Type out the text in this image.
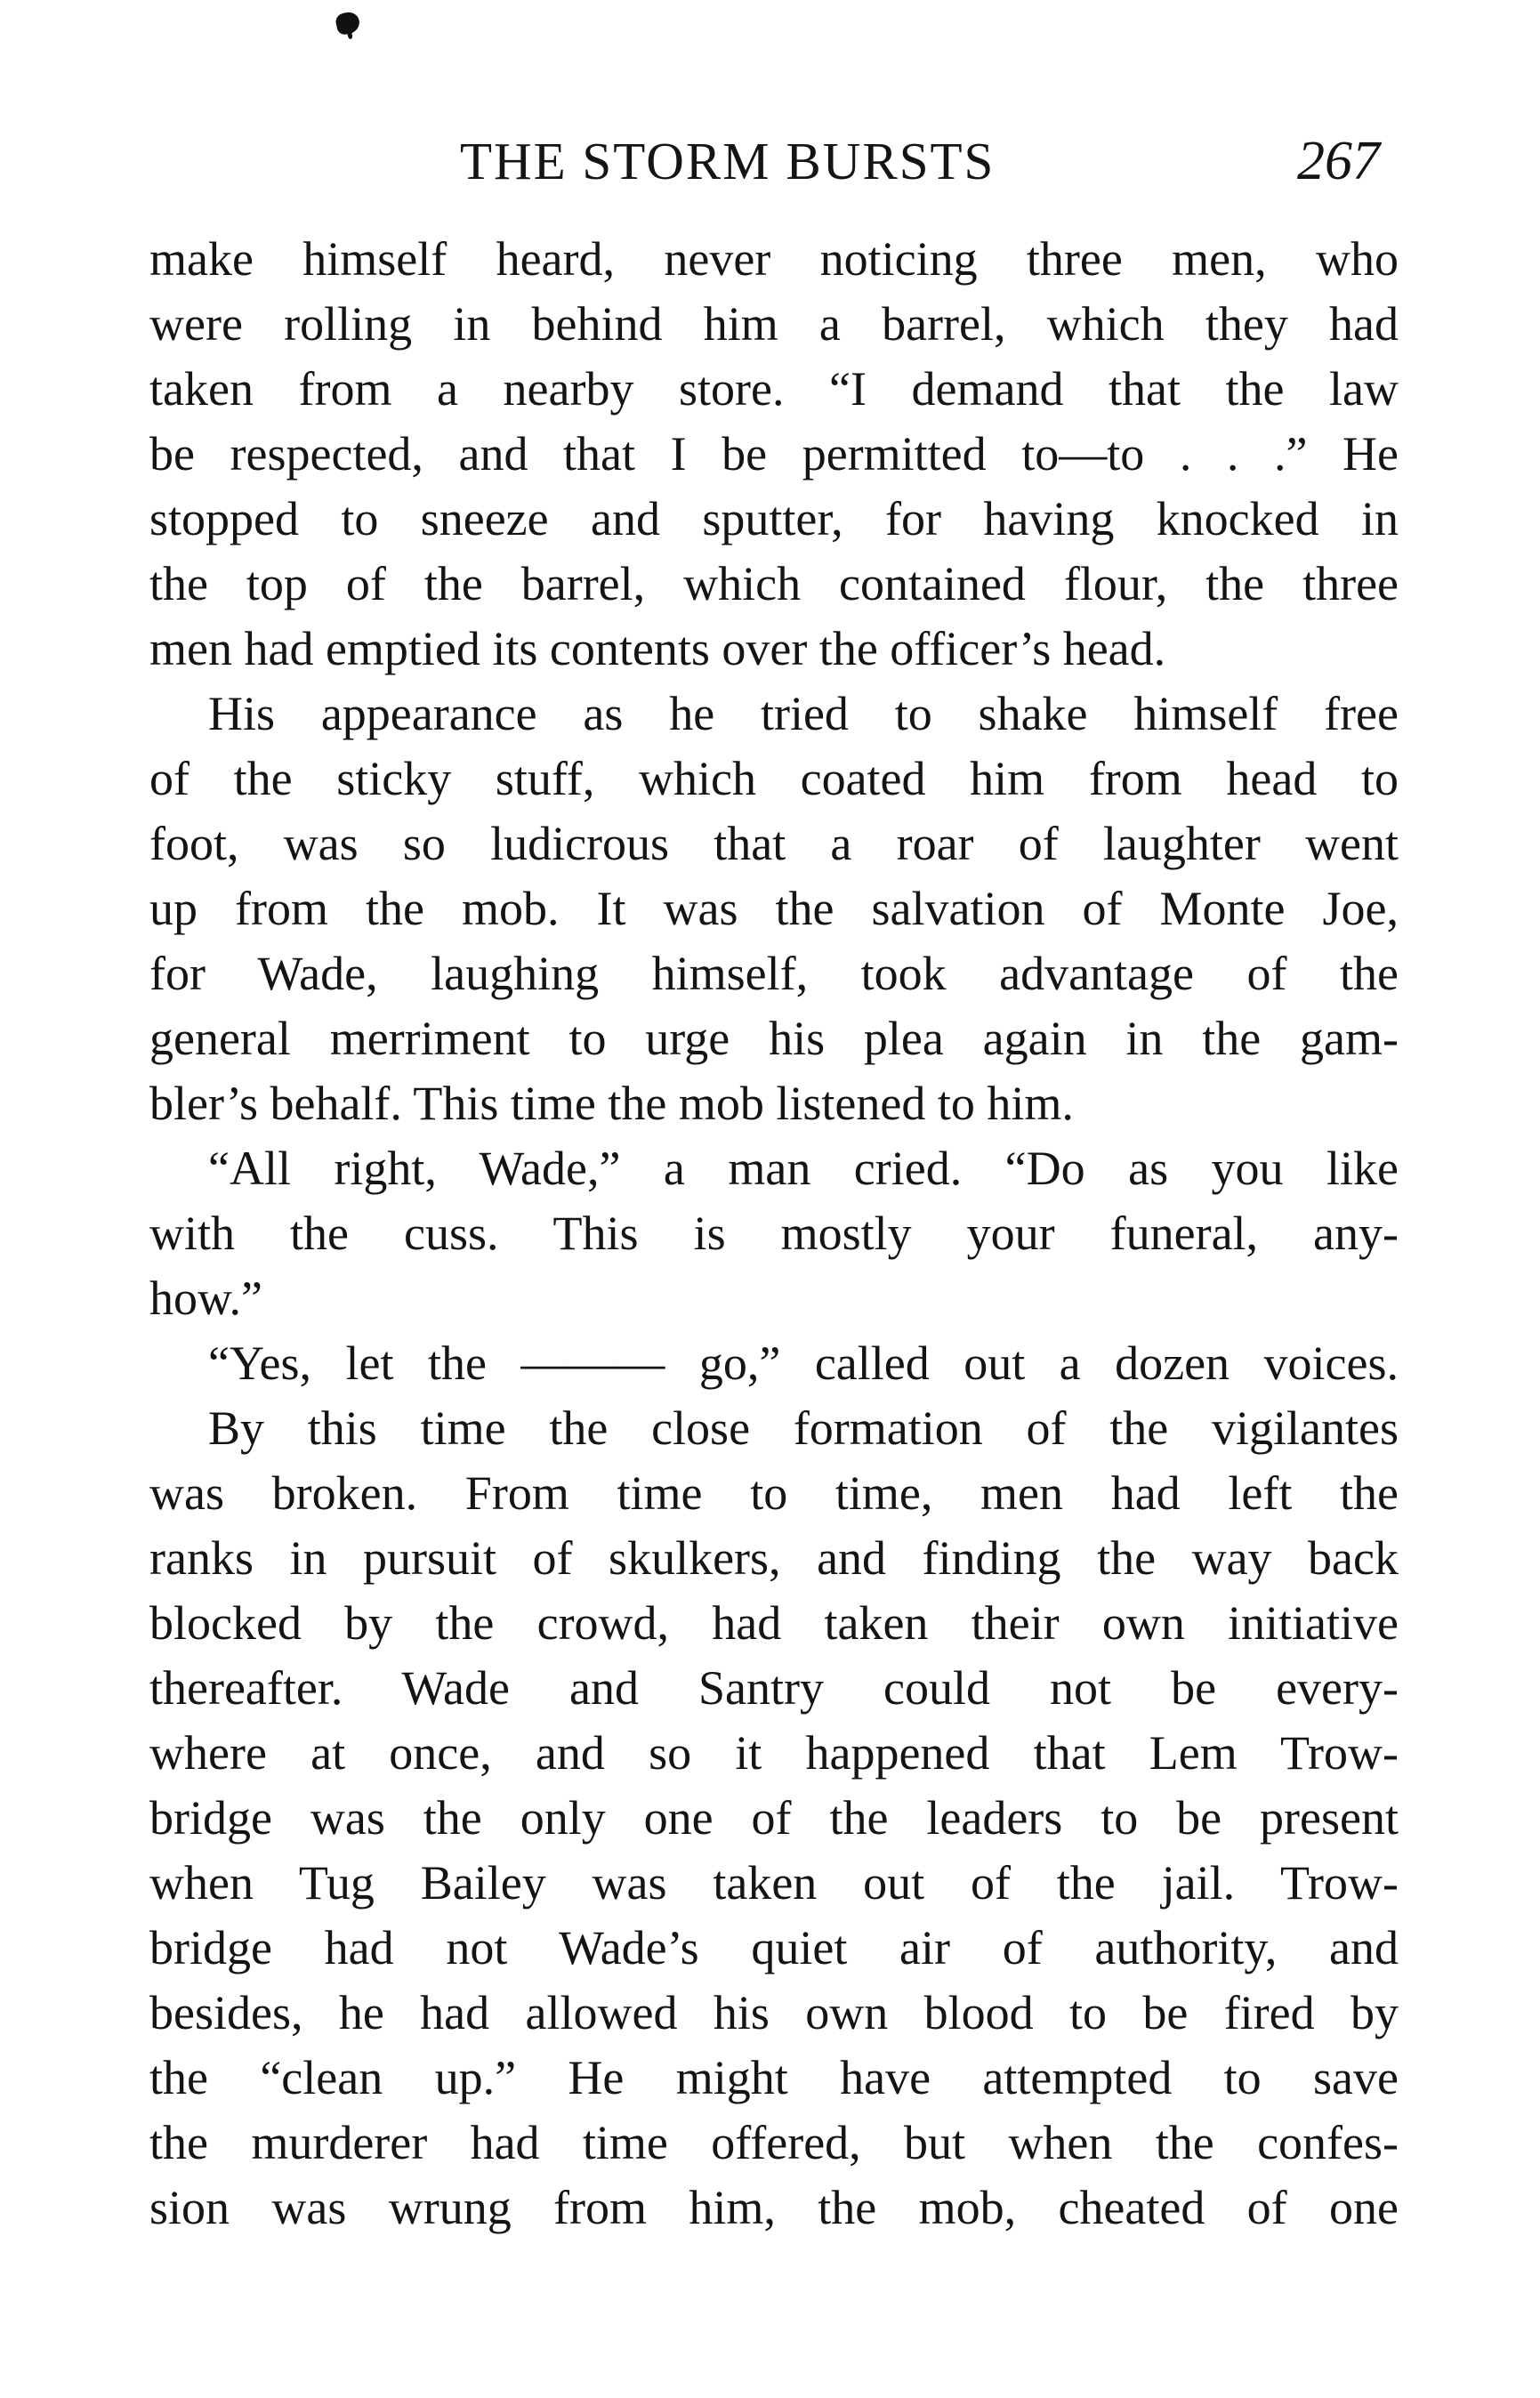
THE STORM BURSTS	267
make himself heard, never noticing three men, who
were rolling in behind him a barrel, which they had
taken from a nearby store. “I demand that the law
be respected, and that I be permitted to—to . . .” He
stopped to sneeze and sputter, for having knocked in
the top of the barrel, which contained flour, the three
men had emptied its contents over the officer’s head.
His appearance as he tried to shake himself free
of the sticky stuff, which coated him from head to
foot, was so ludicrous that a roar of laughter went
up from the mob. It was the salvation of Monte Joe,
for Wade, laughing himself, took advantage of the
general merriment to urge his plea again in the gam-
bler’s behalf. This time the mob listened to him.
“All right, Wade,” a man cried. “Do as you like
with the cuss. This is mostly your funeral, any-
how.”
“Yes, let the ——— go,” called out a dozen voices.
By this time the close formation of the vigilantes
was broken. From time to time, men had left the
ranks in pursuit of skulkers, and finding the way back
blocked by the crowd, had taken their own initiative
thereafter. Wade and Santry could not be every-
where at once, and so it happened that Lem Trow-
bridge was the only one of the leaders to be present
when Tug Bailey was taken out of the jail. Trow-
bridge had not Wade’s quiet air of authority, and
besides, he had allowed his own blood to be fired by
the “clean up.” He might have attempted to save
the murderer had time offered, but when the confes-
sion was wrung from him, the mob, cheated of one
